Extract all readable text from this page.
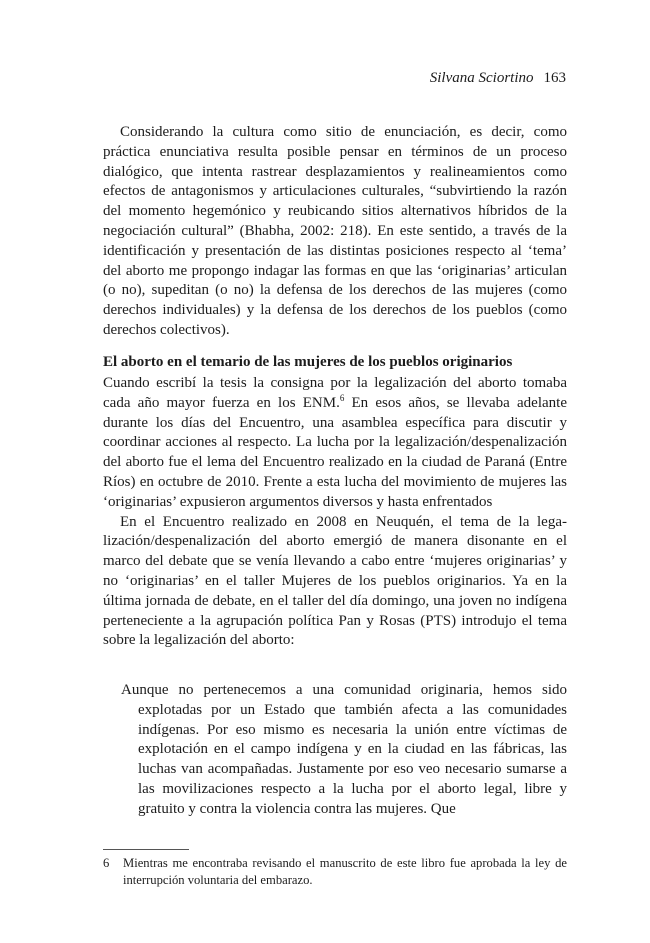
Silvana Sciortino 163

Considerando la cultura como sitio de enunciación, es decir, como práctica enunciativa resulta posible pensar en términos de un proceso dialógico, que intenta rastrear desplazamientos y realineamientos como efectos de antagonismos y articulaciones culturales, “subvirtiendo la razón del momento hegemónico y reubicando sitios alternativos híbridos de la negociación cultural” (Bhabha, 2002: 218). En este sentido, a través de la identificación y presentación de las distintas posiciones respecto al ‘tema’ del aborto me propongo indagar las formas en que las ‘originarias’ articulan (o no), supeditan (o no) la defensa de los derechos de las mujeres (como derechos individuales) y la defensa de los derechos de los pueblos (como derechos colectivos).

El aborto en el temario de las mujeres de los pueblos originarios

Cuando escribí la tesis la consigna por la legalización del aborto tomaba cada año mayor fuerza en los ENM.$^6$ En esos años, se llevaba adelante durante los días del Encuentro, una asamblea específica para discutir y coordinar acciones al respecto. La lucha por la legalización/despenalización del aborto fue el lema del Encuentro realizado en la ciudad de Paraná (Entre Ríos) en octubre de 2010. Frente a esta lucha del movimiento de mujeres las ‘originarias’ expusieron argumentos diversos y hasta enfrentados

En el Encuentro realizado en 2008 en Neuquén, el tema de la legalización/despenalización del aborto emergió de manera disonante en el marco del debate que se venía llevando a cabo entre ‘mujeres originarias’ y no ‘originarias’ en el taller Mujeres de los pueblos originarios. Ya en la última jornada de debate, en el taller del día domingo, una joven no indígena perteneciente a la agrupación política Pan y Rosas (PTS) introdujo el tema sobre la legalización del aborto:

Aunque no pertenecemos a una comunidad originaria, hemos sido explotadas por un Estado que también afecta a las comunidades indígenas. Por eso mismo es necesaria la unión entre víctimas de explotación en el campo indígena y en la ciudad en las fábricas, las luchas van acompañadas. Justamente por eso veo necesario sumarse a las movilizaciones respecto a la lucha por el aborto legal, libre y gratuito y contra la violencia contra las mujeres. Que

6 Mientras me encontraba revisando el manuscrito de este libro fue aprobada la ley de interrupción voluntaria del embarazo.
